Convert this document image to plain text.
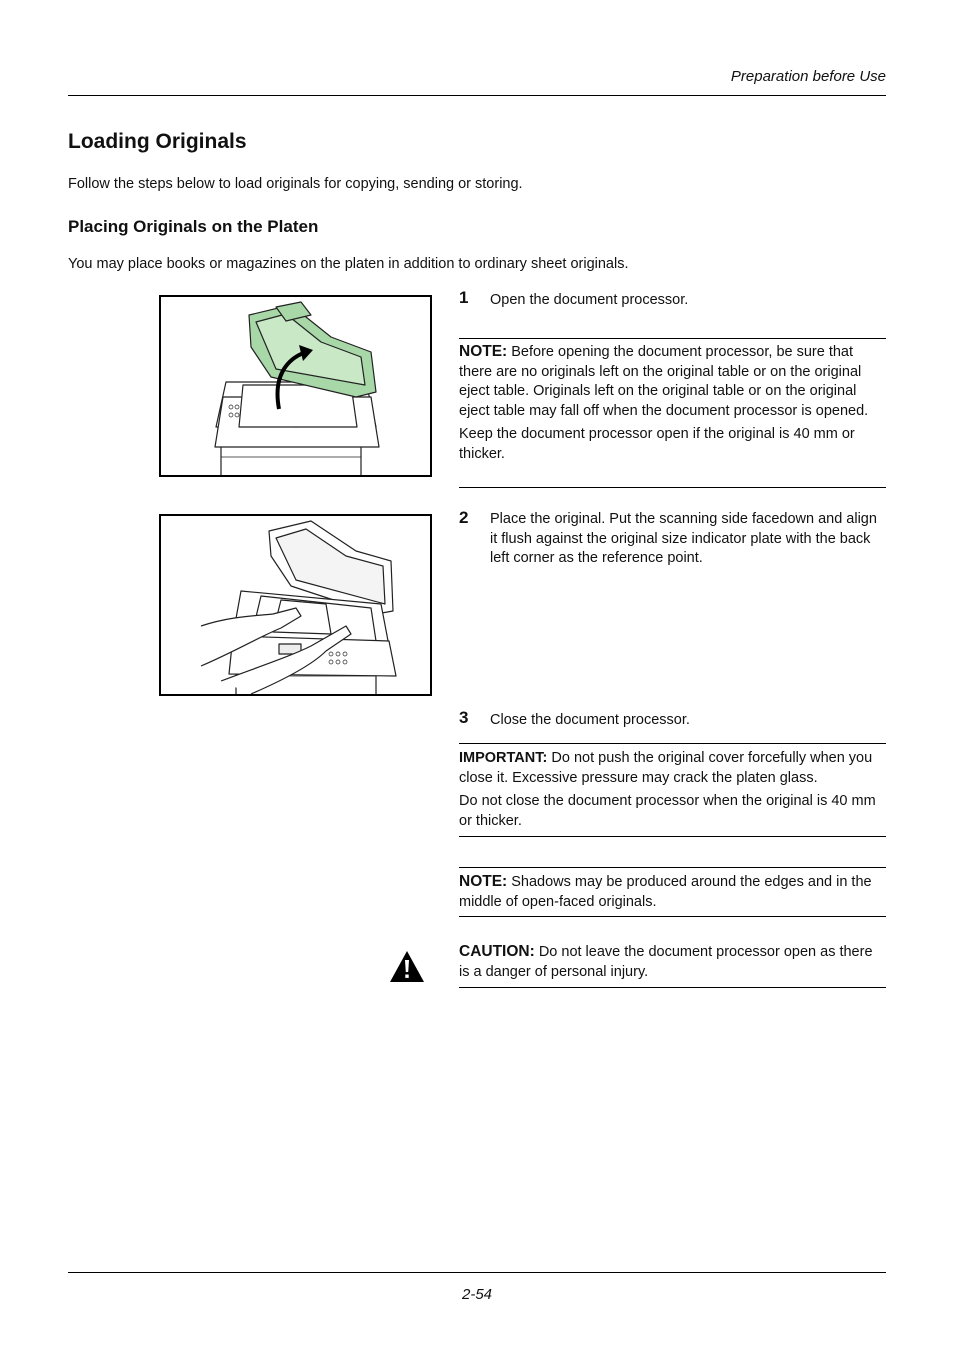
Preparation before Use
Loading Originals
Follow the steps below to load originals for copying, sending or storing.
Placing Originals on the Platen
You may place books or magazines on the platen in addition to ordinary sheet originals.
1 Open the document processor.

NOTE: Before opening the document processor, be sure that there are no originals left on the original table or on the original eject table. Originals left on the original table or on the original eject table may fall off when the document processor is opened.

Keep the document processor open if the original is 40 mm or thicker.

2 Place the original. Put the scanning side facedown and align it flush against the original size indicator plate with the back left corner as the reference point.
3 Close the document processor.

IMPORTANT: Do not push the original cover forcefully when you close it. Excessive pressure may crack the platen glass.

Do not close the document processor when the original is 40 mm or thicker.

NOTE: Shadows may be produced around the edges and in the middle of open-faced originals.

CAUTION: Do not leave the document processor open as there is a danger of personal injury.

2-54
